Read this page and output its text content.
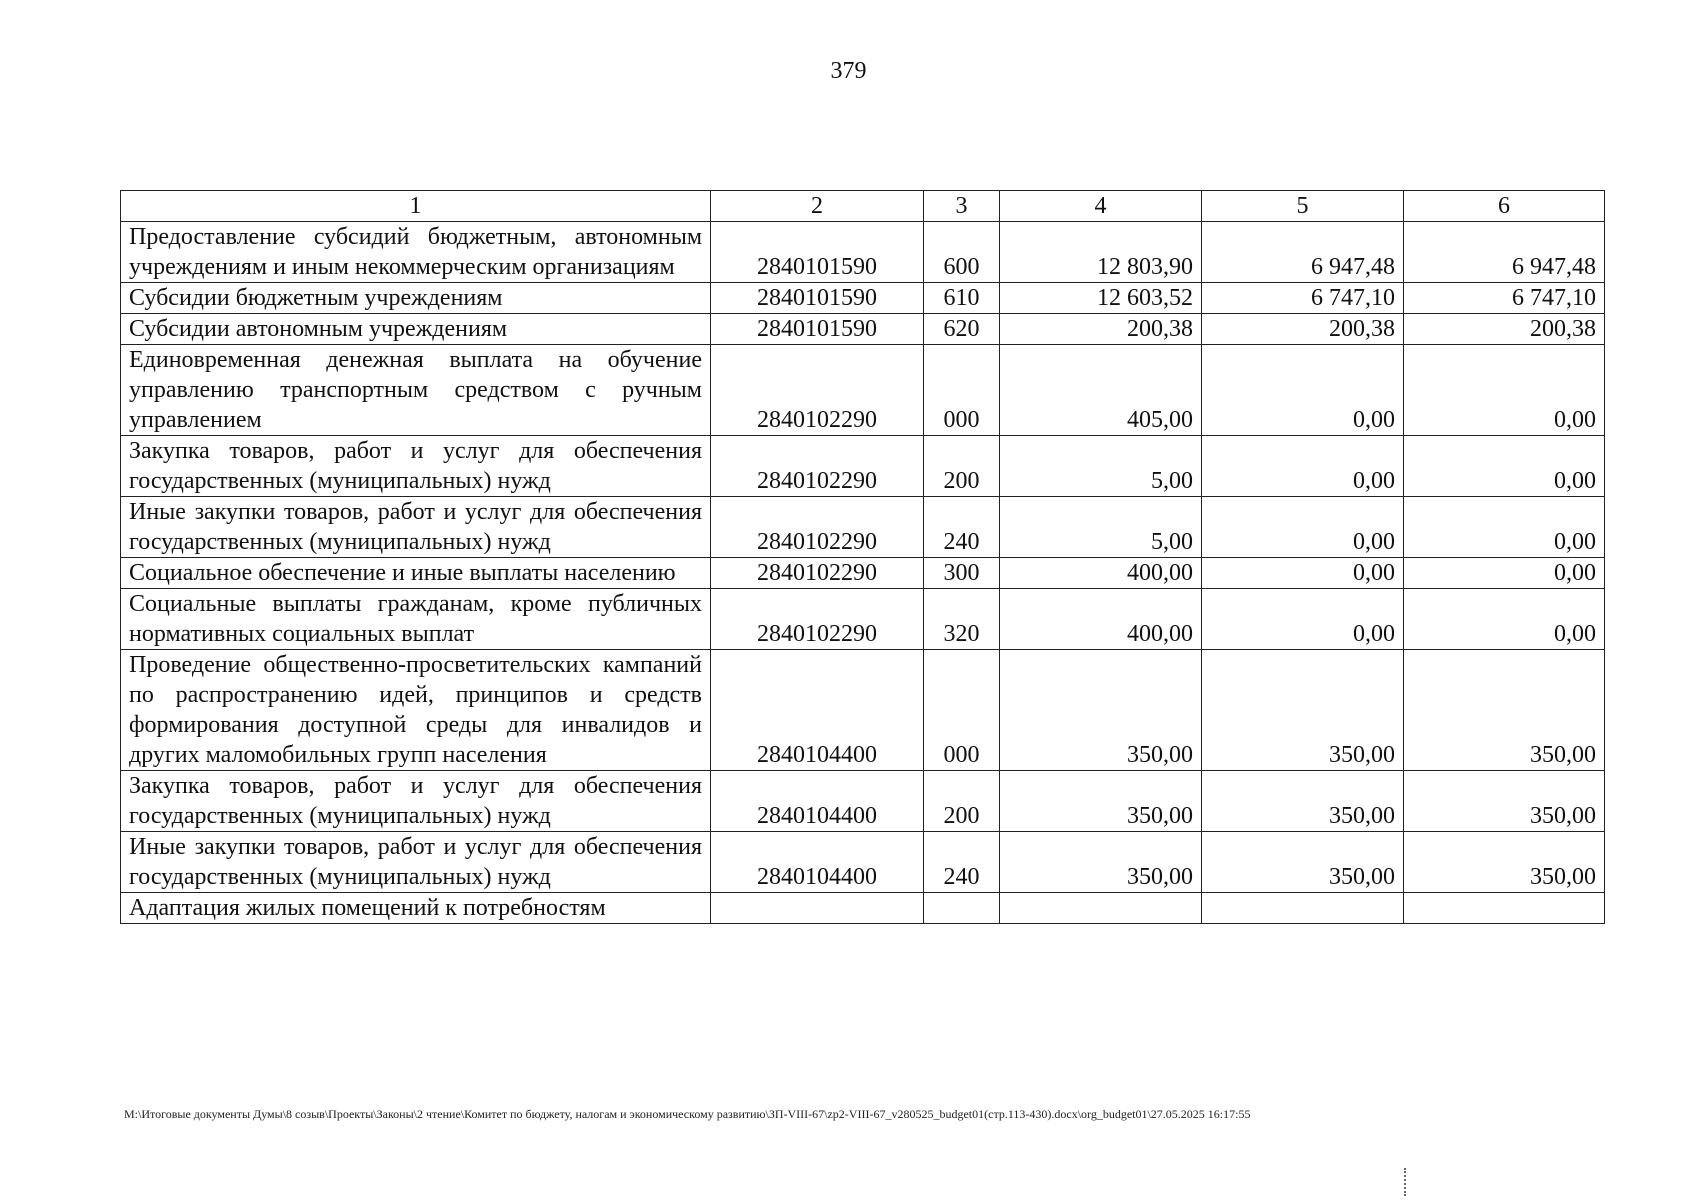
379
1	2	3	4	5	6
Предоставление субсидий бюджетным, автономным учреждениям и иным некоммерческим организациям	2840101590	600	12 803,90	6 947,48	6 947,48
Субсидии бюджетным учреждениям	2840101590	610	12 603,52	6 747,10	6 747,10
Субсидии автономным учреждениям	2840101590	620	200,38	200,38	200,38
Единовременная денежная выплата на обучение управлению транспортным средством с ручным управлением	2840102290	000	405,00	0,00	0,00
Закупка товаров, работ и услуг для обеспечения государственных (муниципальных) нужд	2840102290	200	5,00	0,00	0,00
Иные закупки товаров, работ и услуг для обеспечения государственных (муниципальных) нужд	2840102290	240	5,00	0,00	0,00
Социальное обеспечение и иные выплаты населению	2840102290	300	400,00	0,00	0,00
Социальные выплаты гражданам, кроме публичных нормативных социальных выплат	2840102290	320	400,00	0,00	0,00
Проведение общественно-просветительских кампаний по распространению идей, принципов и средств формирования доступной среды для инвалидов и других маломобильных групп населения	2840104400	000	350,00	350,00	350,00
Закупка товаров, работ и услуг для обеспечения государственных (муниципальных) нужд	2840104400	200	350,00	350,00	350,00
Иные закупки товаров, работ и услуг для обеспечения государственных (муниципальных) нужд	2840104400	240	350,00	350,00	350,00
Адаптация жилых помещений к потребностям					
M:\Итоговые документы Думы\8 созыв\Проекты\Законы\2 чтение\Комитет по бюджету, налогам и экономическому развитию\ЗП-VIII-67\zp2-VIII-67_v280525_budget01(стр.113-430).docx\org_budget01\27.05.2025 16:17:55
